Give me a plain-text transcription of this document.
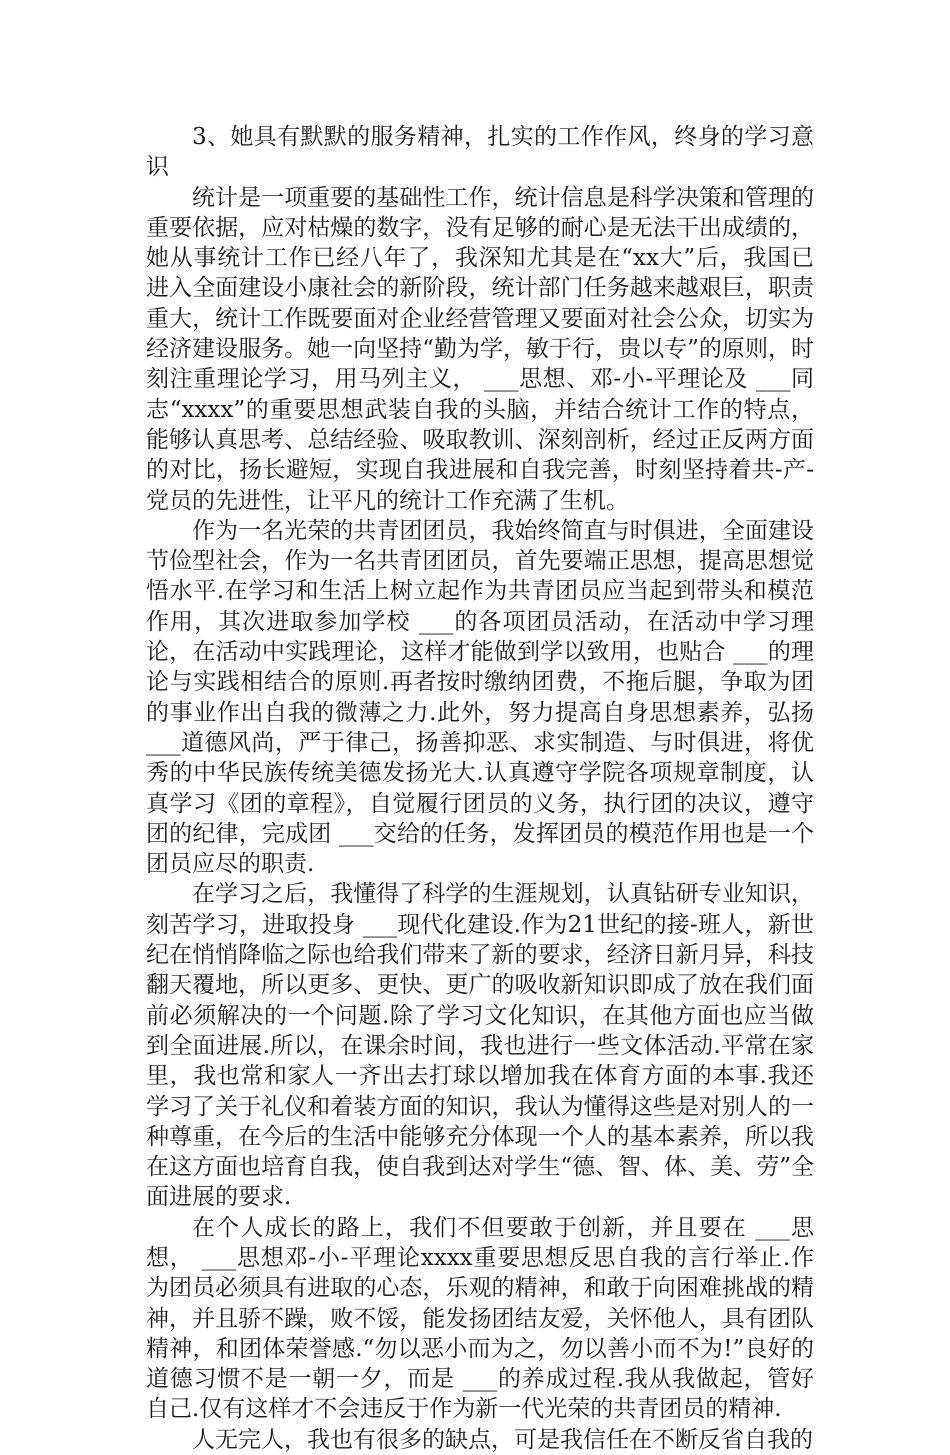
3、她具有默默的服务精神，扎实的工作作风，终身的学习意识

统计是一项重要的基础性工作，统计信息是科学决策和管理的重要依据，应对枯燥的数字，没有足够的耐心是无法干出成绩的，她从事统计工作已经八年了，我深知尤其是在“xx大”后，我国已进入全面建设小康社会的新阶段，统计部门任务越来越艰巨，职责重大，统计工作既要面对企业经营管理又要面对社会公众，切实为经济建设服务。她一向坚持“勤为学，敏于行，贵以专”的原则，时刻注重理论学习，用马列主义， ___思想、邓-小-平理论及 ___同志“xxxx”的重要思想武装自我的头脑，并结合统计工作的特点，能够认真思考、总结经验、吸取教训、深刻剖析，经过正反两方面的对比，扬长避短，实现自我进展和自我完善，时刻坚持着共-产-党员的先进性，让平凡的统计工作充满了生机。

作为一名光荣的共青团团员，我始终简直与时俱进，全面建设节俭型社会，作为一名共青团团员，首先要端正思想，提高思想觉悟水平.在学习和生活上树立起作为共青团员应当起到带头和模范作用，其次进取参加学校 ___的各项团员活动，在活动中学习理论，在活动中实践理论，这样才能做到学以致用，也贴合 ___的理论与实践相结合的原则.再者按时缴纳团费，不拖后腿，争取为团的事业作出自我的微薄之力.此外，努力提高自身思想素养，弘扬 ___道德风尚，严于律己，扬善抑恶、求实制造、与时俱进，将优秀的中华民族传统美德发扬光大.认真遵守学院各项规章制度，认真学习《团的章程》，自觉履行团员的义务，执行团的决议，遵守团的纪律，完成团 ___交给的任务，发挥团员的模范作用也是一个团员应尽的职责.

在学习之后，我懂得了科学的生涯规划，认真钻研专业知识，刻苦学习，进取投身 ___现代化建设.作为21世纪的接-班人，新世纪在悄悄降临之际也给我们带来了新的要求，经济日新月异，科技翻天覆地，所以更多、更快、更广的吸收新知识即成了放在我们面前必须解决的一个问题.除了学习文化知识，在其他方面也应当做到全面进展.所以，在课余时间，我也进行一些文体活动.平常在家里，我也常和家人一齐出去打球以增加我在体育方面的本事.我还学习了关于礼仪和着装方面的知识，我认为懂得这些是对别人的一种尊重，在今后的生活中能够充分体现一个人的基本素养，所以我在这方面也培育自我，使自我到达对学生“德、智、体、美、劳”全面进展的要求.

在个人成长的路上，我们不但要敢于创新，并且要在 ___思想， ___思想邓-小-平理论xxxx重要思想反思自我的言行举止.作为团员必须具有进取的心态，乐观的精神，和敢于向困难挑战的精神，并且骄不躁，败不馁，能发扬团结友爱，关怀他人，具有团队精神，和团体荣誉感.“勿以恶小而为之，勿以善小而不为!”良好的道德习惯不是一朝一夕，而是 ___的养成过程.我从我做起，管好自己.仅有这样才不会违反于作为新一代光荣的共青团员的精神.

人无完人，我也有很多的缺点，可是我信任在不断反省自我的
